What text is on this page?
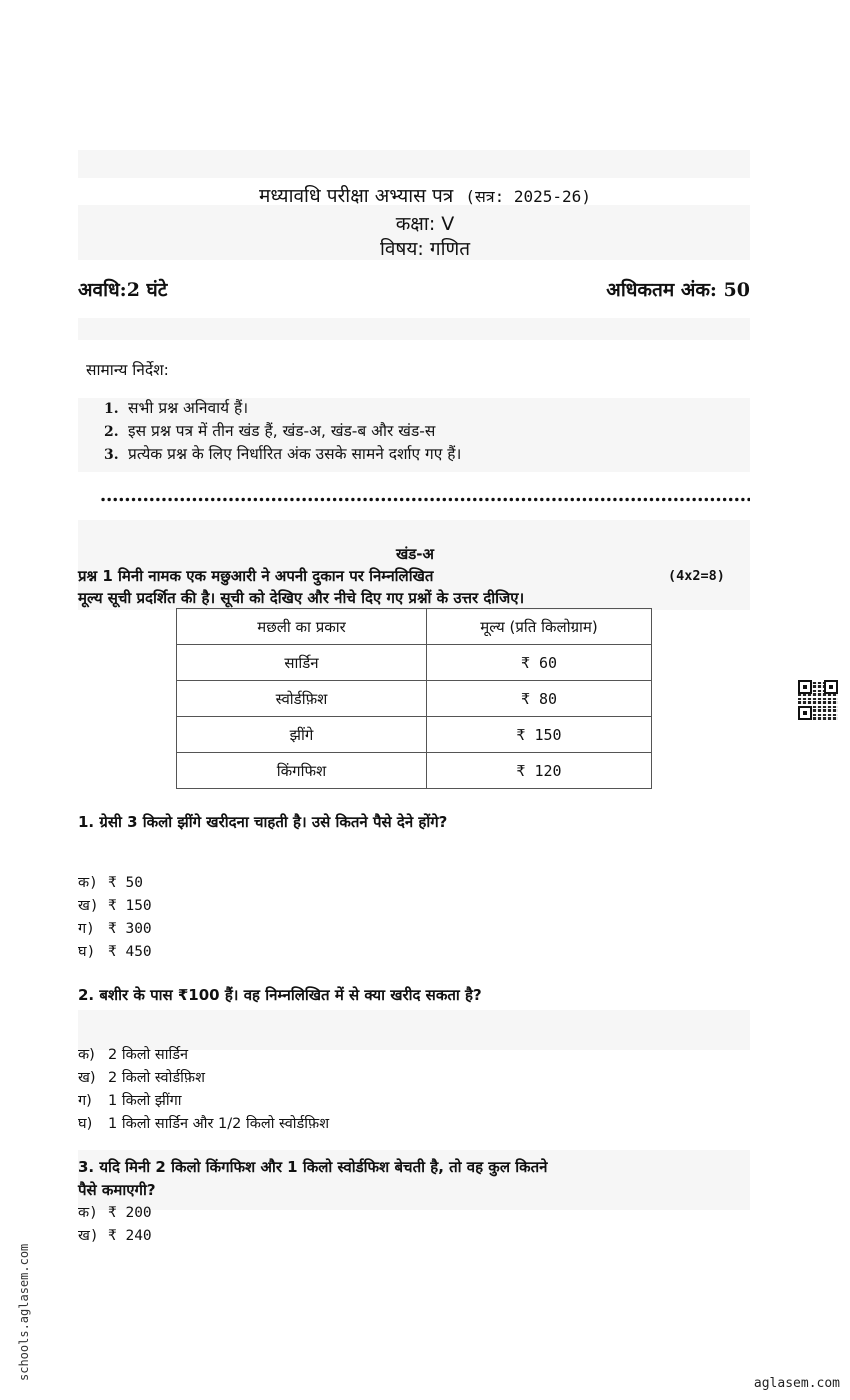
मध्यावधि परीक्षा अभ्यास पत्र (सत्र: 2025-26)
कक्षा: V
विषय: गणित
अवधि:2 घंटे	अधिकतम अंक: 50
सामान्य निर्देश:
1. सभी प्रश्न अनिवार्य हैं।
2. इस प्रश्न पत्र में तीन खंड हैं, खंड-अ, खंड-ब और खंड-स
3. प्रत्येक प्रश्न के लिए निर्धारित अंक उसके सामने दर्शाए गए हैं।
खंड-अ
प्रश्न 1 मिनी नामक एक मछुआरी ने अपनी दुकान पर निम्नलिखित	(4x2=8)
मूल्य सूची प्रदर्शित की है। सूची को देखिए और नीचे दिए गए प्रश्नों के उत्तर दीजिए।
मछली का प्रकार	मूल्य (प्रति किलोग्राम)
सार्डिन	₹ 60
स्वोर्डफ़िश	₹ 80
झींगे	₹ 150
किंगफिश	₹ 120
1. ग्रेसी 3 किलो झींगे खरीदना चाहती है। उसे कितने पैसे देने होंगे?
क) ₹ 50
ख) ₹ 150
ग) ₹ 300
घ) ₹ 450
2. बशीर के पास ₹100 हैं। वह निम्नलिखित में से क्या खरीद सकता है?
क) 2 किलो सार्डिन
ख) 2 किलो स्वोर्डफ़िश
ग) 1 किलो झींगा
घ) 1 किलो सार्डिन और 1/2 किलो स्वोर्डफ़िश
3. यदि मिनी 2 किलो किंगफिश और 1 किलो स्वोर्डफिश बेचती है, तो वह कुल कितने
पैसे कमाएगी?
क) ₹ 200
ख) ₹ 240
schools.aglasem.com
aglasem.com
